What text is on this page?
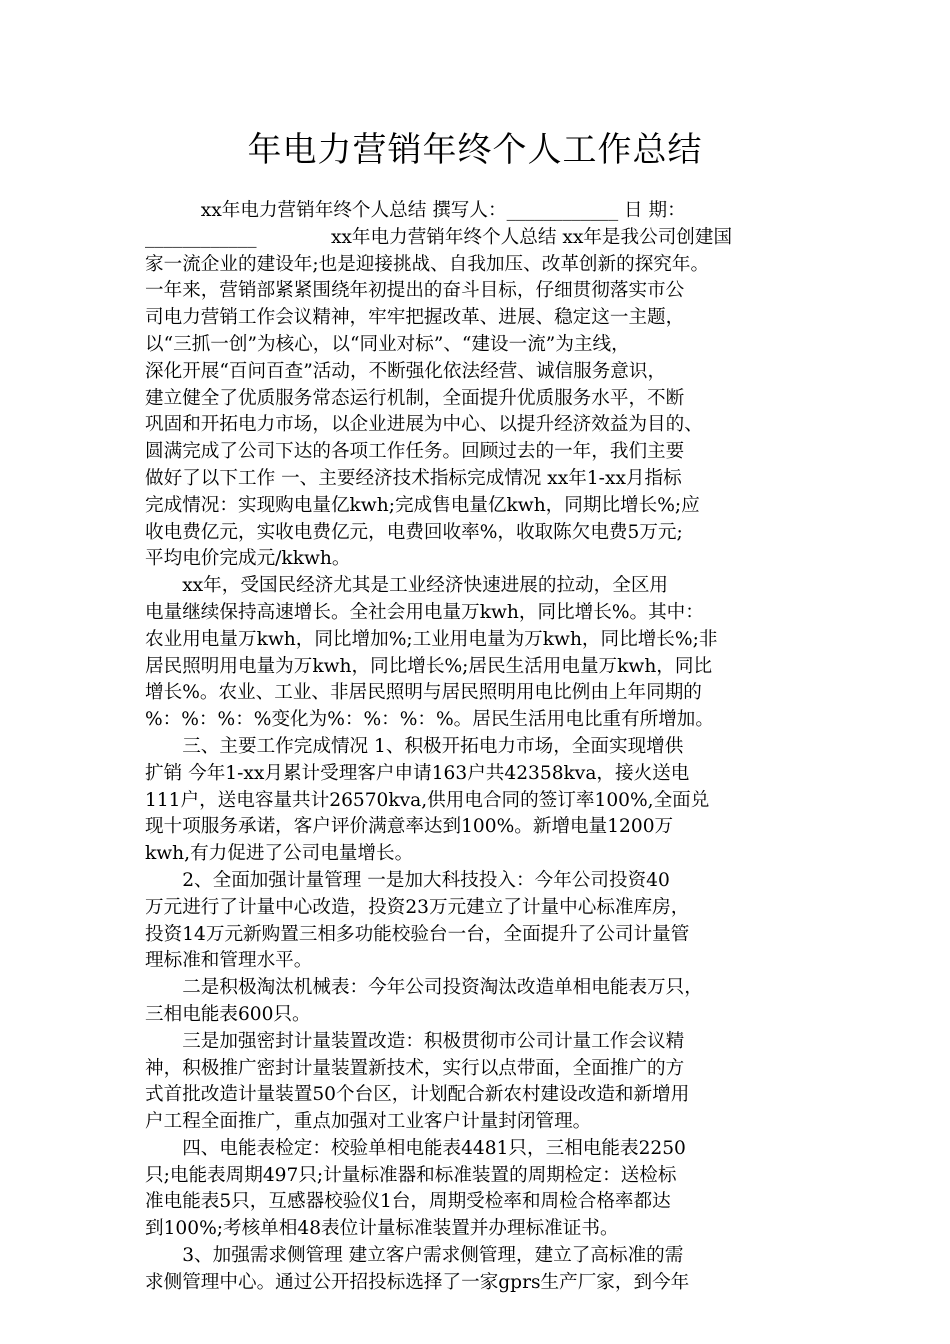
年电力营销年终个人工作总结
　　　xx年电力营销年终个人总结 撰写人：____________ 日 期：
____________　　　　xx年电力营销年终个人总结 xx年是我公司创建国
家一流企业的建设年;也是迎接挑战、自我加压、改革创新的探究年。
一年来，营销部紧紧围绕年初提出的奋斗目标，仔细贯彻落实市公
司电力营销工作会议精神，牢牢把握改革、进展、稳定这一主题，
以“三抓一创”为核心，以“同业对标”、“建设一流”为主线，
深化开展“百问百查”活动，不断强化依法经营、诚信服务意识，
建立健全了优质服务常态运行机制，全面提升优质服务水平，不断
巩固和开拓电力市场，以企业进展为中心、以提升经济效益为目的、
圆满完成了公司下达的各项工作任务。回顾过去的一年，我们主要
做好了以下工作 一、主要经济技术指标完成情况 xx年1-xx月指标
完成情况：实现购电量亿kwh;完成售电量亿kwh，同期比增长%;应
收电费亿元，实收电费亿元，电费回收率%，收取陈欠电费5万元;
平均电价完成元/kkwh。
　　xx年，受国民经济尤其是工业经济快速进展的拉动，全区用
电量继续保持高速增长。全社会用电量万kwh，同比增长%。其中：
农业用电量万kwh，同比增加%;工业用电量为万kwh，同比增长%;非
居民照明用电量为万kwh，同比增长%;居民生活用电量万kwh，同比
增长%。农业、工业、非居民照明与居民照明用电比例由上年同期的
%：%：%：%变化为%：%：%：%。居民生活用电比重有所增加。
　　三、主要工作完成情况 1、积极开拓电力市场，全面实现增供
扩销 今年1-xx月累计受理客户申请163户共42358kva，接火送电
111户，送电容量共计26570kva,供用电合同的签订率100%,全面兑
现十项服务承诺，客户评价满意率达到100%。新增电量1200万
kwh,有力促进了公司电量增长。
　　2、全面加强计量管理 一是加大科技投入：今年公司投资40
万元进行了计量中心改造，投资23万元建立了计量中心标准库房，
投资14万元新购置三相多功能校验台一台，全面提升了公司计量管
理标准和管理水平。
　　二是积极淘汰机械表：今年公司投资淘汰改造单相电能表万只，
三相电能表600只。
　　三是加强密封计量装置改造：积极贯彻市公司计量工作会议精
神，积极推广密封计量装置新技术，实行以点带面，全面推广的方
式首批改造计量装置50个台区，计划配合新农村建设改造和新增用
户工程全面推广，重点加强对工业客户计量封闭管理。
　　四、电能表检定：校验单相电能表4481只，三相电能表2250
只;电能表周期497只;计量标准器和标准装置的周期检定：送检标
准电能表5只，互感器校验仪1台，周期受检率和周检合格率都达
到100%;考核单相48表位计量标准装置并办理标准证书。
　　3、加强需求侧管理 建立客户需求侧管理，建立了高标准的需
求侧管理中心。通过公开招投标选择了一家gprs生产厂家，到今年
